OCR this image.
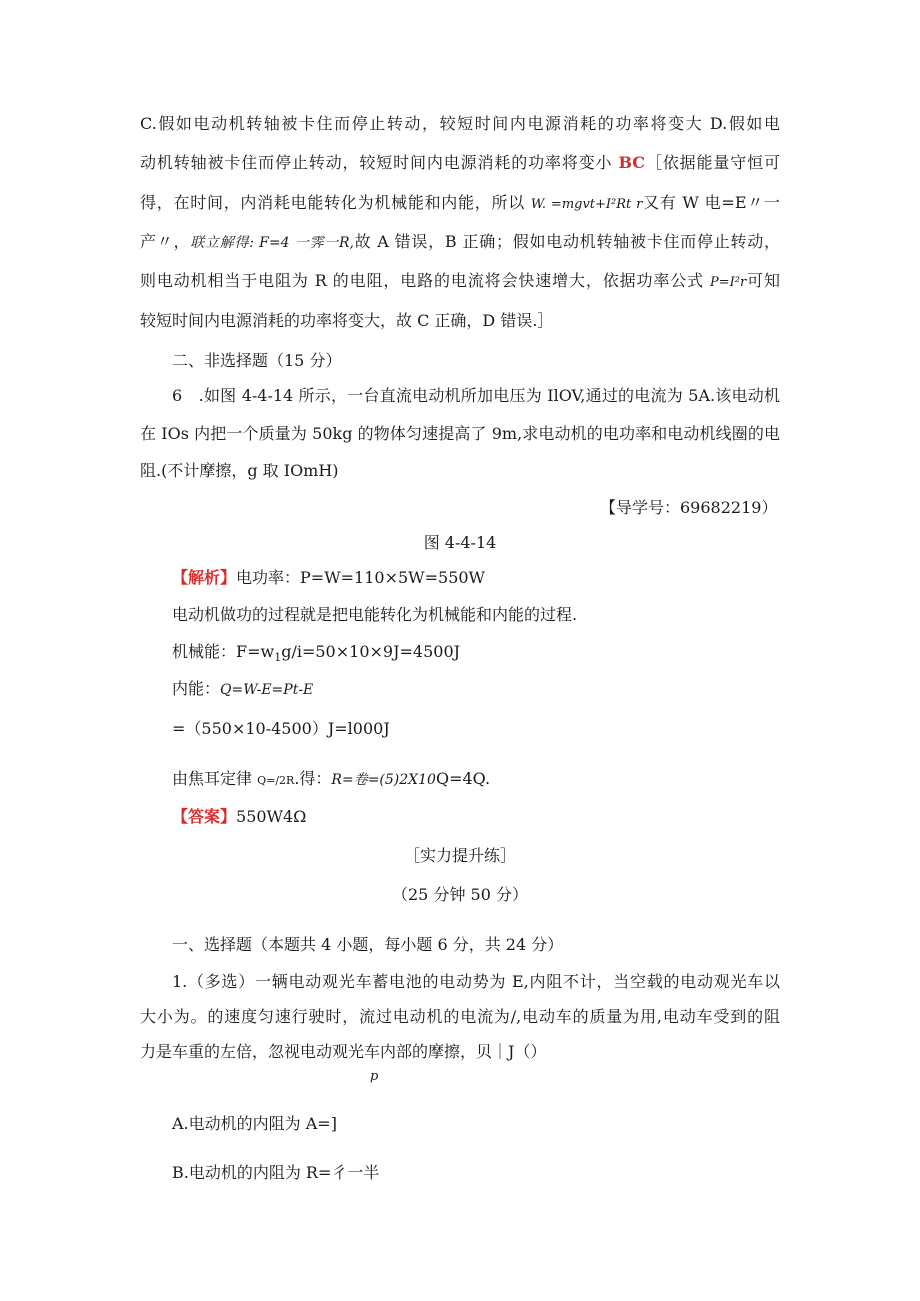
C.假如电动机转轴被卡住而停止转动，较短时间内电源消耗的功率将变大 D.假如电
动机转轴被卡住而停止转动，较短时间内电源消耗的功率将变小 BC［依据能量守恒可
得，在时间，内消耗电能转化为机械能和内能，所以 W. =mgvt+I²Rt r又有 W 电=E〃一
产〃，联立解得: F=4 一霁一R,故 A 错误，B 正确；假如电动机转轴被卡住而停止转动，
则电动机相当于电阻为 R 的电阻，电路的电流将会快速增大，依据功率公式 P=I²r可知
较短时间内电源消耗的功率将变大，故 C 正确，D 错误.］
二、非选择题（15 分）
6　.如图 4-4-14 所示，一台直流电动机所加电压为 IlOV,通过的电流为 5A.该电动机
在 IOs 内把一个质量为 50kg 的物体匀速提高了 9m,求电动机的电功率和电动机线圈的电
阻.(不计摩擦，g 取 IOmH)
【导学号：69682219）
图 4-4-14
【解析】电功率：P=W=110×5W=550W
电动机做功的过程就是把电能转化为机械能和内能的过程.
机械能：$F=w_1g/i=50\times 10\times 9J=4500J$
内能：Q=W-E=Pt-E
=（550×10-4500）J=l000J
由焦耳定律 Q=/2R.得：R=卷=(5)2X10Q=4Q.
【答案】550W4Ω
［实力提升练］
（25 分钟 50 分）
一、选择题（本题共 4 小题，每小题 6 分，共 24 分）
1.（多选）一辆电动观光车蓄电池的电动势为 E,内阻不计，当空载的电动观光车以
大小为。的速度匀速行驶时，流过电动机的电流为/,电动车的质量为用,电动车受到的阻
力是车重的左倍，忽视电动观光车内部的摩擦，贝｜J（）
p
A.电动机的内阻为 A=]
B.电动机的内阻为 R=彳一半
